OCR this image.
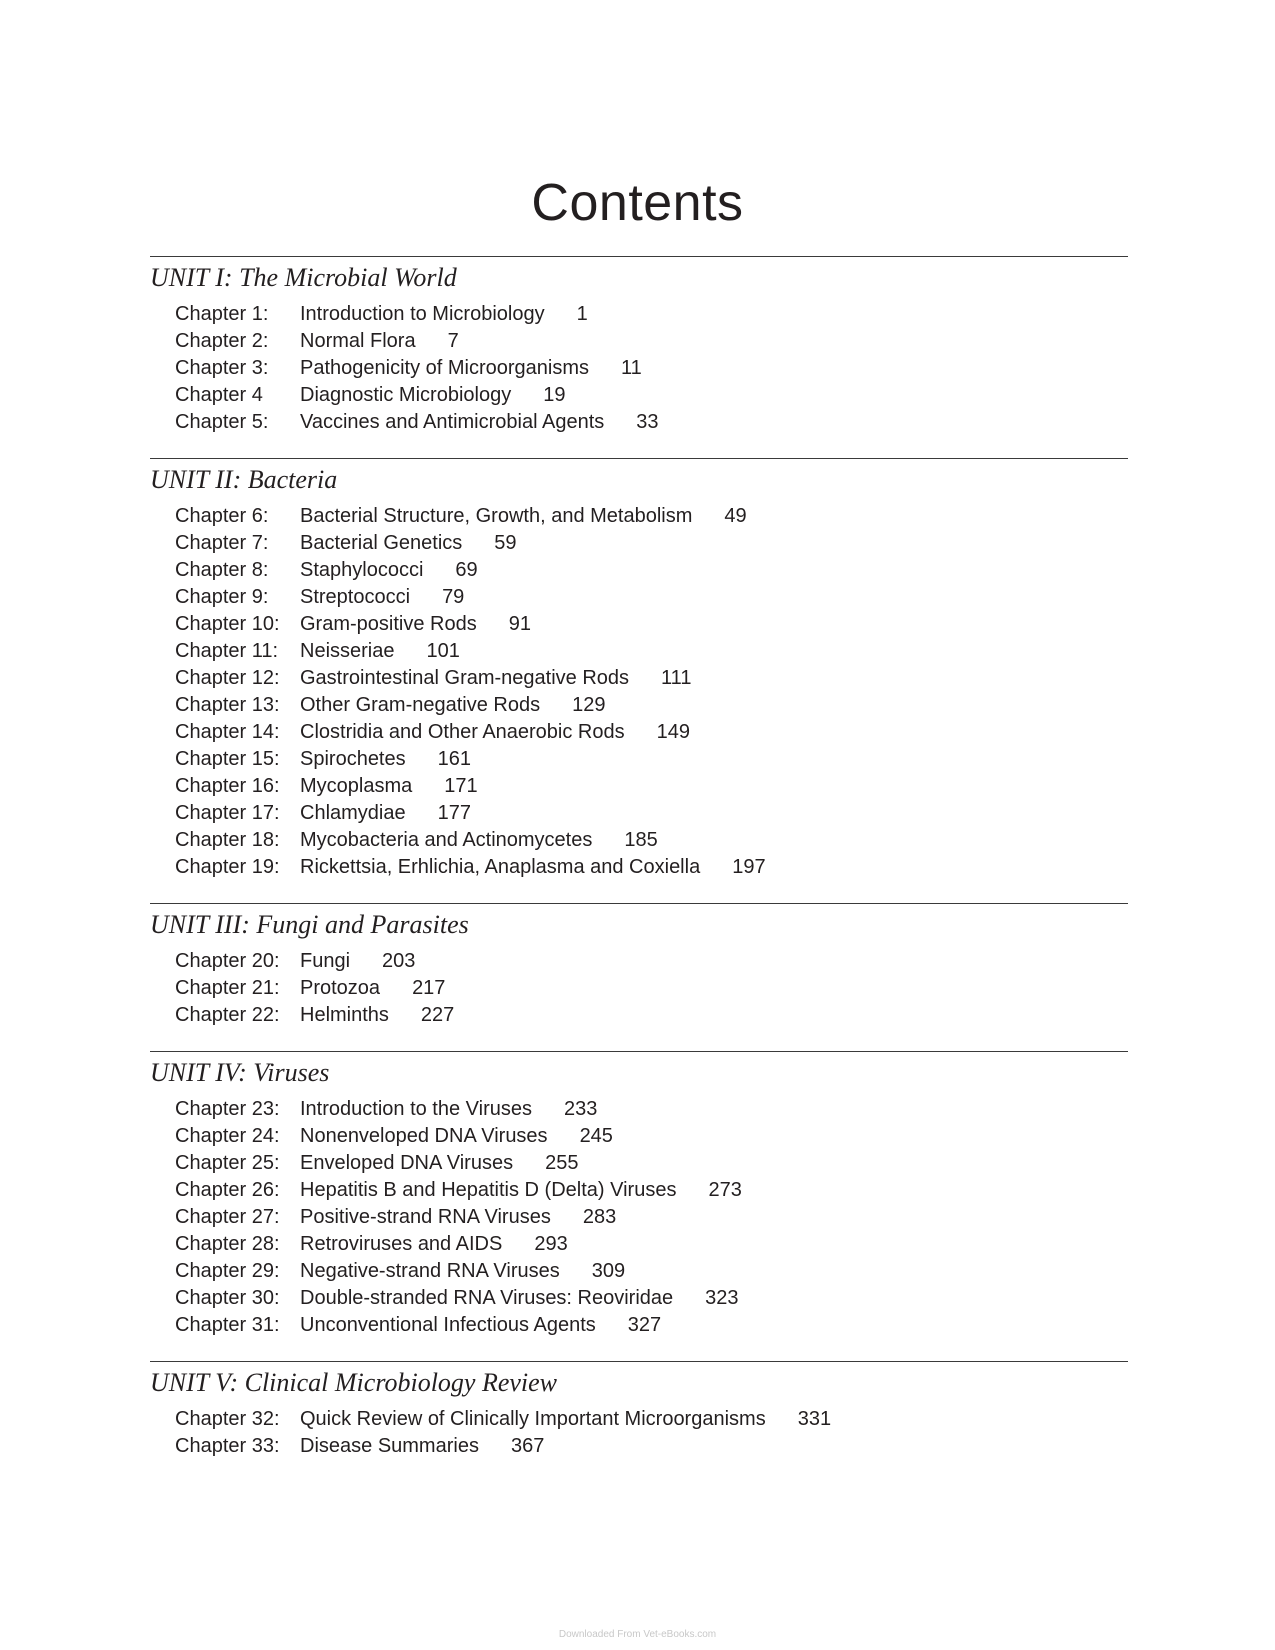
Contents
UNIT I: The Microbial World
Chapter 1: Introduction to Microbiology 1
Chapter 2: Normal Flora 7
Chapter 3: Pathogenicity of Microorganisms 11
Chapter 4 Diagnostic Microbiology 19
Chapter 5: Vaccines and Antimicrobial Agents 33
UNIT II: Bacteria
Chapter 6: Bacterial Structure, Growth, and Metabolism 49
Chapter 7: Bacterial Genetics 59
Chapter 8: Staphylococci 69
Chapter 9: Streptococci 79
Chapter 10: Gram-positive Rods 91
Chapter 11: Neisseriae 101
Chapter 12: Gastrointestinal Gram-negative Rods 111
Chapter 13: Other Gram-negative Rods 129
Chapter 14: Clostridia and Other Anaerobic Rods 149
Chapter 15: Spirochetes 161
Chapter 16: Mycoplasma 171
Chapter 17: Chlamydiae 177
Chapter 18: Mycobacteria and Actinomycetes 185
Chapter 19: Rickettsia, Erhlichia, Anaplasma and Coxiella 197
UNIT III: Fungi and Parasites
Chapter 20: Fungi 203
Chapter 21: Protozoa 217
Chapter 22: Helminths 227
UNIT IV: Viruses
Chapter 23: Introduction to the Viruses 233
Chapter 24: Nonenveloped DNA Viruses 245
Chapter 25: Enveloped DNA Viruses 255
Chapter 26: Hepatitis B and Hepatitis D (Delta) Viruses 273
Chapter 27: Positive-strand RNA Viruses 283
Chapter 28: Retroviruses and AIDS 293
Chapter 29: Negative-strand RNA Viruses 309
Chapter 30: Double-stranded RNA Viruses: Reoviridae 323
Chapter 31: Unconventional Infectious Agents 327
UNIT V: Clinical Microbiology Review
Chapter 32: Quick Review of Clinically Important Microorganisms 331
Chapter 33: Disease Summaries 367
Downloaded From Vet-eBooks.com
